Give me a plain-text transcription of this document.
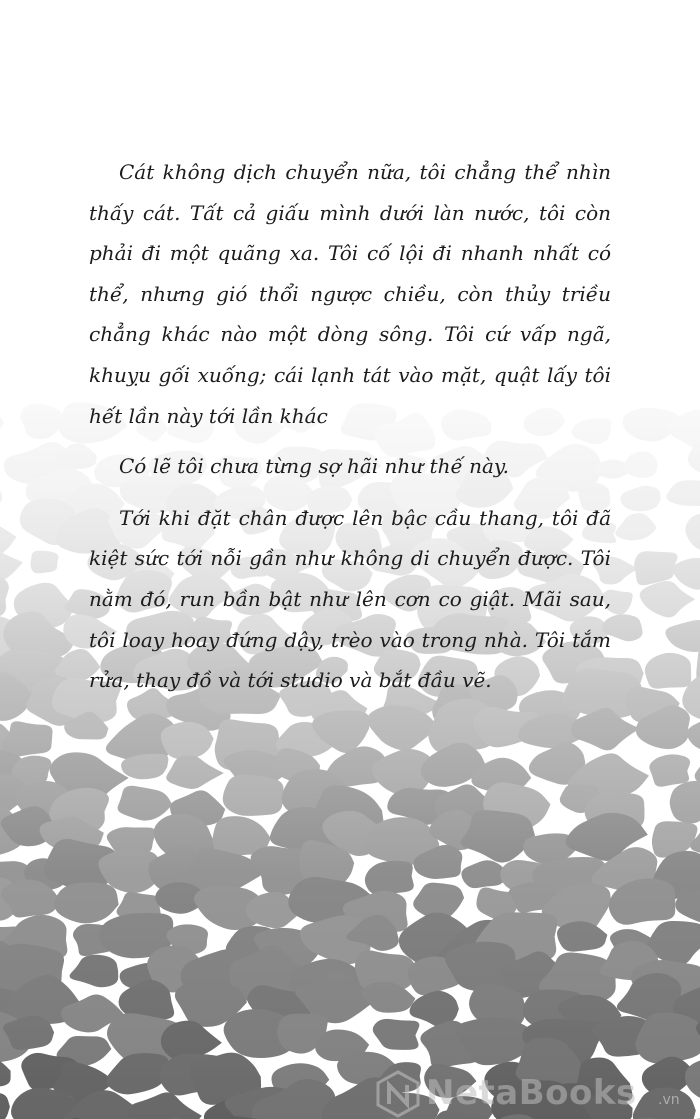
Cát không dịch chuyển nữa, tôi chẳng thể nhìn thấy cát. Tất cả giấu mình dưới làn nước, tôi còn phải đi một quãng xa. Tôi cố lội đi nhanh nhất có thể, nhưng gió thổi ngược chiều, còn thủy triều chẳng khác nào một dòng sông. Tôi cứ vấp ngã, khuỵu gối xuống; cái lạnh tát vào mặt, quật lấy tôi hết lần này tới lần khác

Có lẽ tôi chưa từng sợ hãi như thế này.

Tới khi đặt chân được lên bậc cầu thang, tôi đã kiệt sức tới nỗi gần như không di chuyển được. Tôi nằm đó, run bần bật như lên cơn co giật. Mãi sau, tôi loay hoay đứng dậy, trèo vào trong nhà. Tôi tắm rửa, thay đồ và tới studio và bắt đầu vẽ.

NetaBooks .vn
